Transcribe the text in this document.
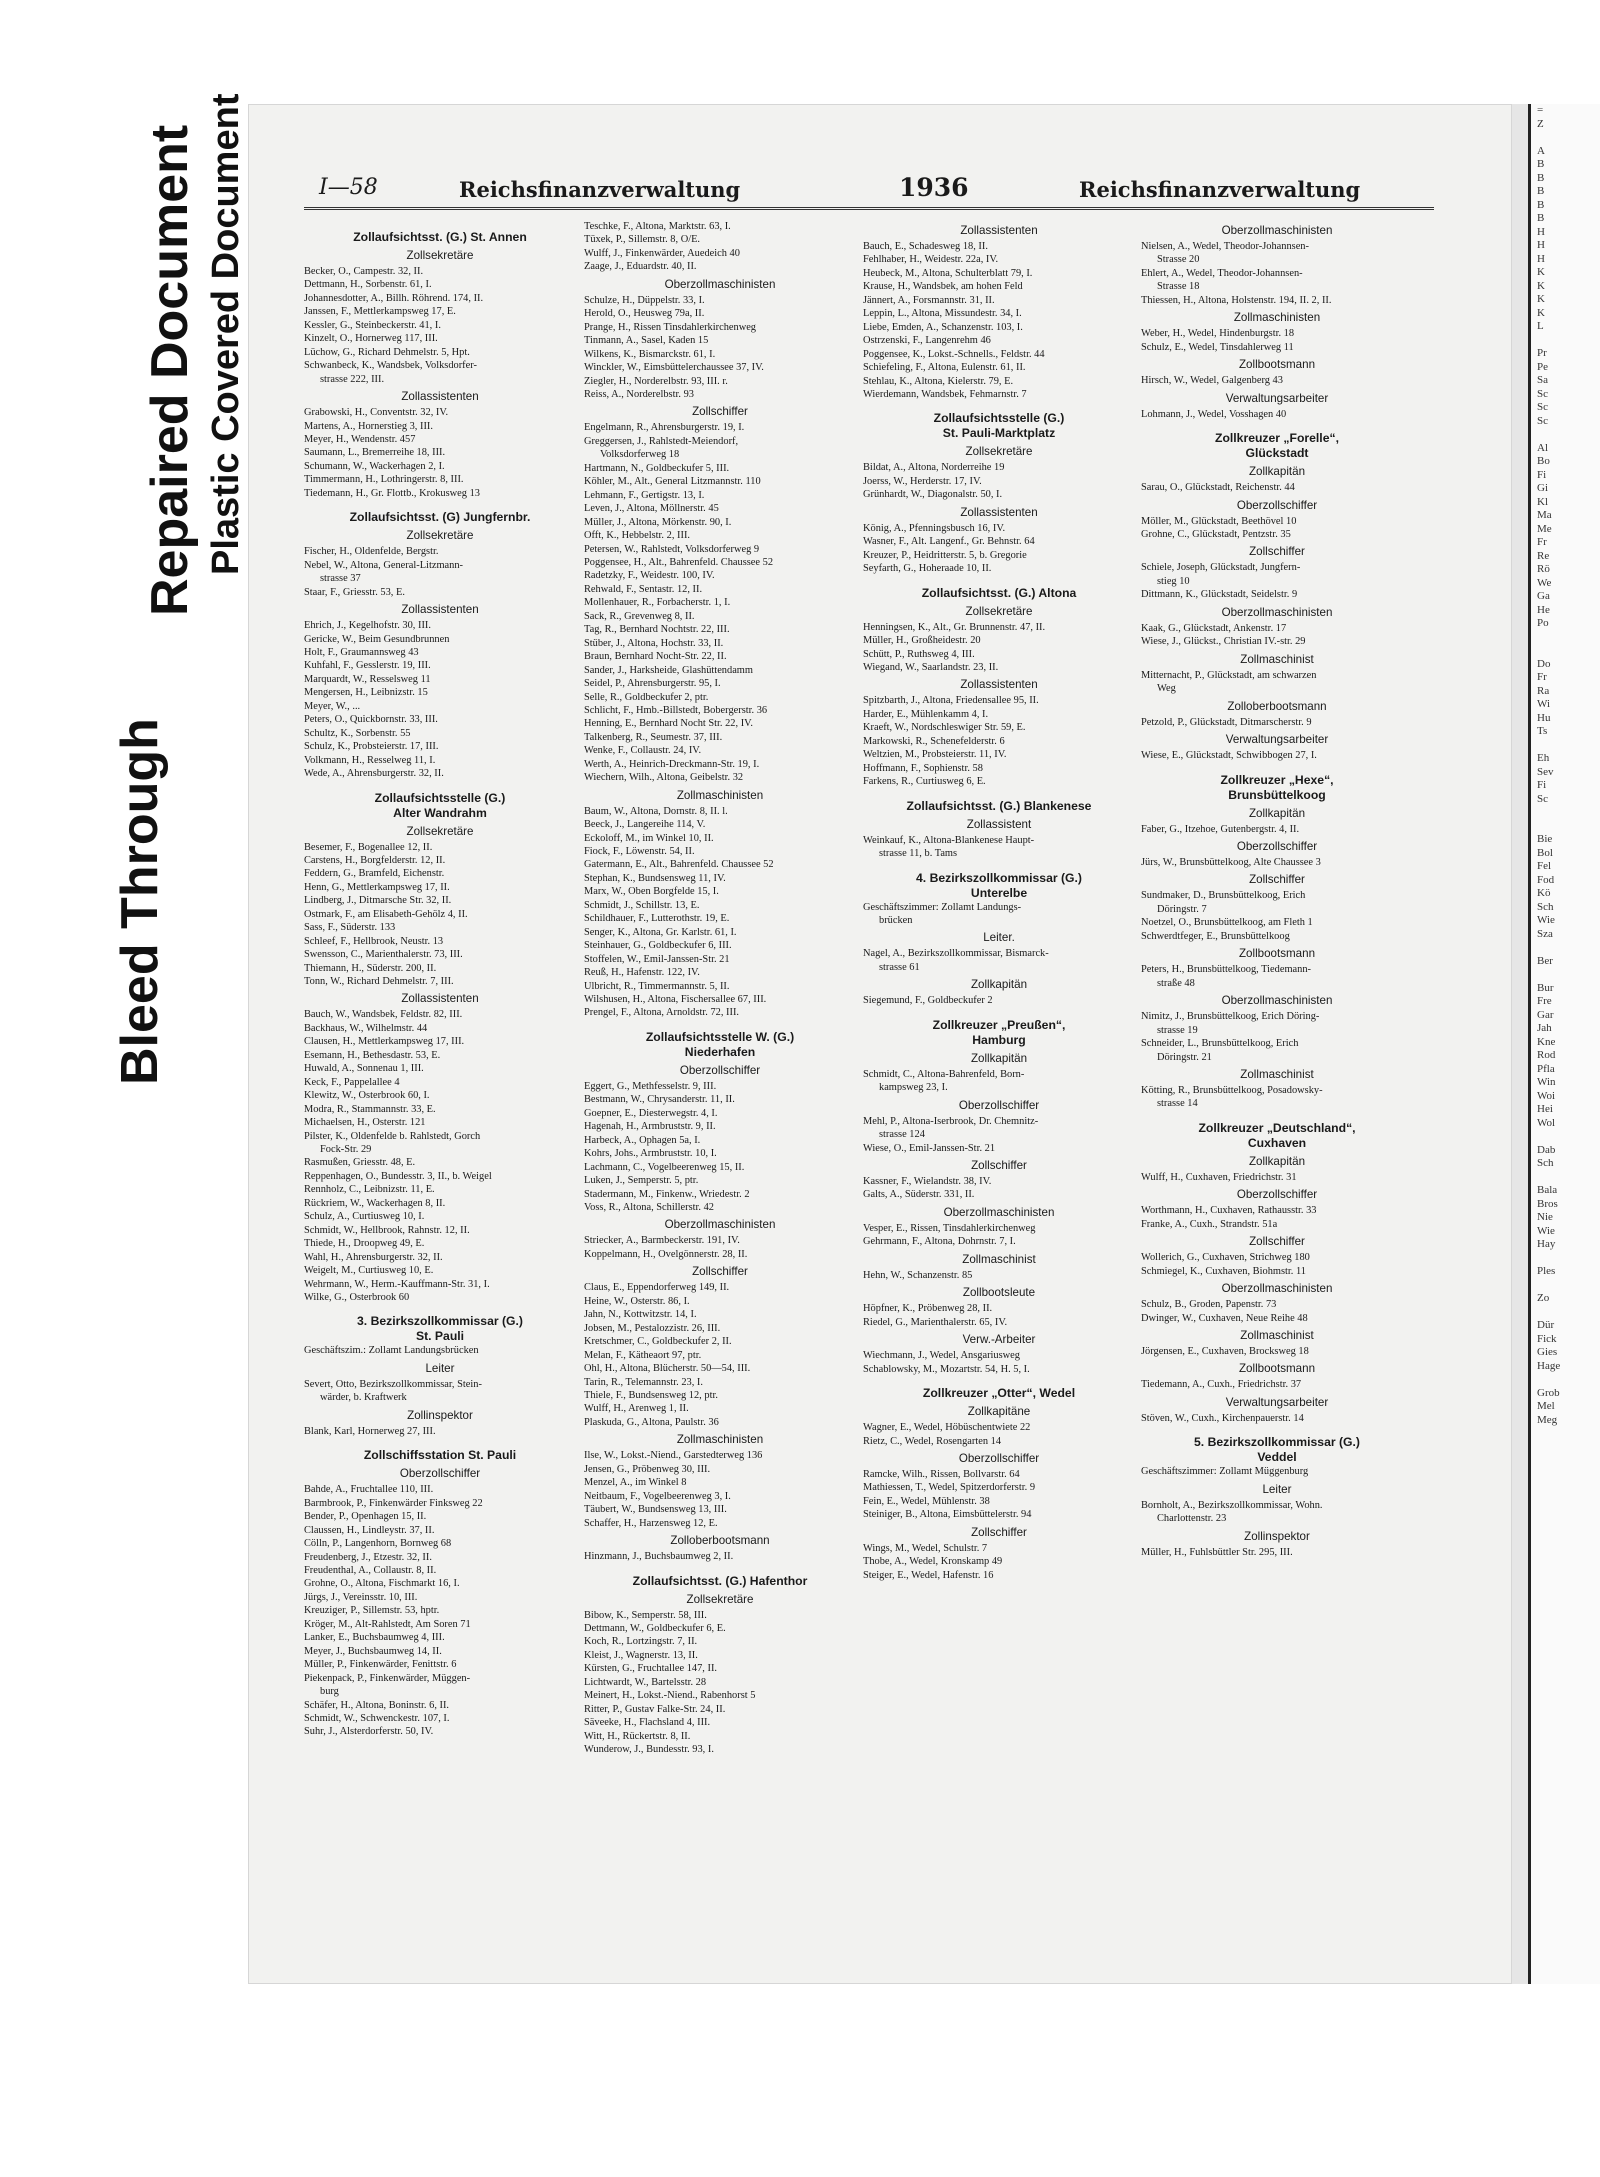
Bleed Through
Repaired Document Plastic Covered Document	I—58	Reichsfinanzverwaltung	1936	Reichsfinanzverwaltung
Zollaufsichtsst. (G.) St. Annen
Zollsekretäre
Becker, O., Campestr. 32, II.
Dettmann, H., Sorbenstr. 61, I.
Johannesdotter, A., Billh. Röhrend. 174, II.
Janssen, F., Mettlerkampsweg 17, E.
Kessler, G., Steinbeckerstr. 41, I.
Kinzelt, O., Hornerweg 117, III.
Lüchow, G., Richard Dehmelstr. 5, Hpt.
Schwanbeck, K., Wandsbek, Volksdorfer-
strasse 222, III.
Zollassistenten
Grabowski, H., Conventstr. 32, IV.
Martens, A., Hornerstieg 3, III.
Meyer, H., Wendenstr. 457
Saumann, L., Bremerreihe 18, III.
Schumann, W., Wackerhagen 2, I.
Timmermann, H., Lothringerstr. 8, III.
Tiedemann, H., Gr. Flottb., Krokusweg 13
Zollaufsichtsst. (G) Jungfernbr.
Zollsekretäre
Fischer, H., Oldenfelde, Bergstr.
Nebel, W., Altona, General-Litzmann-
strasse 37
Staar, F., Griesstr. 53, E.
Zollassistenten
Ehrich, J., Kegelhofstr. 30, III.
Gericke, W., Beim Gesundbrunnen
Holt, F., Graumannsweg 43
Kuhfahl, F., Gesslerstr. 19, III.
Marquardt, W., Resselsweg 11
Mengersen, H., Leibnizstr. 15
Meyer, W., ...
Peters, O., Quickbornstr. 33, III.
Schultz, K., Sorbenstr. 55
Schulz, K., Probsteierstr. 17, III.
Volkmann, H., Resselweg 11, I.
Wede, A., Ahrensburgerstr. 32, II.
Zollaufsichtsstelle (G.)
Alter Wandrahm
Zollsekretäre
Besemer, F., Bogenallee 12, II.
Carstens, H., Borgfelderstr. 12, II.
Feddern, G., Bramfeld, Eichenstr.
Henn, G., Mettlerkampsweg 17, II.
Lindberg, J., Ditmarsche Str. 32, II.
Ostmark, F., am Elisabeth-Gehölz 4, II.
Sass, F., Süderstr. 133
Schleef, F., Hellbrook, Neustr. 13
Swensson, C., Marienthalerstr. 73, III.
Thiemann, H., Süderstr. 200, II.
Tonn, W., Richard Dehmelstr. 7, III.
Zollassistenten
Bauch, W., Wandsbek, Feldstr. 82, III.
Backhaus, W., Wilhelmstr. 44
Clausen, H., Mettlerkampsweg 17, III.
Esemann, H., Bethesdastr. 53, E.
Huwald, A., Sonnenau 1, III.
Keck, F., Pappelallee 4
Klewitz, W., Osterbrook 60, I.
Modra, R., Stammannstr. 33, E.
Michaelsen, H., Osterstr. 121
Pilster, K., Oldenfelde b. Rahlstedt, Gorch
Fock-Str. 29
Rasmußen, Griesstr. 48, E.
Reppenhagen, O., Bundesstr. 3, II., b. Weigel
Rennholz, C., Leibnizstr. 11, E.
Rückriem, W., Wackerhagen 8, II.
Schulz, A., Curtiusweg 10, I.
Schmidt, W., Hellbrook, Rahnstr. 12, II.
Thiede, H., Droopweg 49, E.
Wahl, H., Ahrensburgerstr. 32, II.
Weigelt, M., Curtiusweg 10, E.
Wehrmann, W., Herm.-Kauffmann-Str. 31, I.
Wilke, G., Osterbrook 60
3. Bezirkszollkommissar (G.)
St. Pauli
Geschäftszim.: Zollamt Landungsbrücken
Leiter
Severt, Otto, Bezirkszollkommissar, Stein-
wärder, b. Kraftwerk
Zollinspektor
Blank, Karl, Hornerweg 27, III.
Zollschiffsstation St. Pauli
Oberzollschiffer
Bahde, A., Fruchtallee 110, III.
Barmbrook, P., Finkenwärder Finksweg 22
Bender, P., Openhagen 15, II.
Claussen, H., Lindleystr. 37, II.
Cölln, P., Langenhorn, Bornweg 68
Freudenberg, J., Etzestr. 32, II.
Freudenthal, A., Collaustr. 8, II.
Grohne, O., Altona, Fischmarkt 16, I.
Jürgs, J., Vereinsstr. 10, III.
Kreuziger, P., Sillemstr. 53, hptr.
Kröger, M., Alt-Rahlstedt, Am Soren 71
Lanker, E., Buchsbaumweg 4, III.
Meyer, J., Buchsbaumweg 14, II.
Müller, P., Finkenwärder, Fenittstr. 6
Piekenpack, P., Finkenwärder, Müggen-
burg
Schäfer, H., Altona, Boninstr. 6, II.
Schmidt, W., Schwenckestr. 107, I.
Suhr, J., Alsterdorferstr. 50, IV.
Teschke, F., Altona, Marktstr. 63, I.
Tüxek, P., Sillemstr. 8, O/E.
Wulff, J., Finkenwärder, Auedeich 40
Zaage, J., Eduardstr. 40, II.
Oberzollmaschinisten
Schulze, H., Düppelstr. 33, I.
Herold, O., Heusweg 79a, II.
Prange, H., Rissen Tinsdahlerkirchenweg
Tinmann, A., Sasel, Kaden 15
Wilkens, K., Bismarckstr. 61, I.
Winckler, W., Eimsbüttelerchaussee 37, IV.
Ziegler, H., Norderelbstr. 93, III. r.
Reiss, A., Norderelbstr. 93
Zollschiffer
Engelmann, R., Ahrensburgerstr. 19, I.
Greggersen, J., Rahlstedt-Meiendorf,
Volksdorferweg 18
Hartmann, N., Goldbeckufer 5, III.
Köhler, M., Alt., General Litzmannstr. 110
Lehmann, F., Gertigstr. 13, I.
Leven, J., Altona, Möllnerstr. 45
Müller, J., Altona, Mörkenstr. 90, I.
Offt, K., Hebbelstr. 2, III.
Petersen, W., Rahlstedt, Volksdorferweg 9
Poggensee, H., Alt., Bahrenfeld. Chaussee 52
Radetzky, F., Weidestr. 100, IV.
Rehwald, F., Sentastr. 12, II.
Mollenhauer, R., Forbacherstr. 1, I.
Sack, R., Grevenweg 8, II.
Tag, R., Bernhard Nochtstr. 22, III.
Stüber, J., Altona, Hochstr. 33, II.
Braun, Bernhard Nocht-Str. 22, II.
Sander, J., Harksheide, Glashüttendamm
Seidel, P., Ahrensburgerstr. 95, I.
Selle, R., Goldbeckufer 2, ptr.
Schlicht, F., Hmb.-Billstedt, Bobergerstr. 36
Henning, E., Bernhard Nocht Str. 22, IV.
Talkenberg, R., Seumestr. 37, III.
Wenke, F., Collaustr. 24, IV.
Werth, A., Heinrich-Dreckmann-Str. 19, I.
Wiechern, Wilh., Altona, Geibelstr. 32
Zollmaschinisten
Baum, W., Altona, Dornstr. 8, II. l.
Beeck, J., Langereihe 114, V.
Eckoloff, M., im Winkel 10, II.
Fiock, F., Löwenstr. 54, II.
Gatermann, E., Alt., Bahrenfeld. Chaussee 52
Stephan, K., Bundsensweg 11, IV.
Marx, W., Oben Borgfelde 15, I.
Schmidt, J., Schillstr. 13, E.
Schildhauer, F., Lutterothstr. 19, E.
Senger, K., Altona, Gr. Karlstr. 61, I.
Steinhauer, G., Goldbeckufer 6, III.
Stoffelen, W., Emil-Janssen-Str. 21
Reuß, H., Hafenstr. 122, IV.
Ulbricht, R., Timmermannstr. 5, II.
Wilshusen, H., Altona, Fischersallee 67, III.
Prengel, F., Altona, Arnoldstr. 72, III.
Zollaufsichtsstelle W. (G.)
Niederhafen
Oberzollschiffer
Eggert, G., Methfesselstr. 9, III.
Bestmann, W., Chrysanderstr. 11, II.
Goepner, E., Diesterwegstr. 4, I.
Hagenah, H., Armbruststr. 9, II.
Harbeck, A., Ophagen 5a, I.
Kohrs, Johs., Armbruststr. 10, I.
Lachmann, C., Vogelbeerenweg 15, II.
Luken, J., Semperstr. 5, ptr.
Stadermann, M., Finkenw., Wriedestr. 2
Voss, R., Altona, Schillerstr. 42
Oberzollmaschinisten
Striecker, A., Barmbeckerstr. 191, IV.
Koppelmann, H., Ovelgönnerstr. 28, II.
Zollschiffer
Claus, E., Eppendorferweg 149, II.
Heine, W., Osterstr. 86, I.
Jahn, N., Kottwitzstr. 14, I.
Jobsen, M., Pestalozzistr. 26, III.
Kretschmer, C., Goldbeckufer 2, II.
Melan, F., Kätheaort 97, ptr.
Ohl, H., Altona, Blücherstr. 50—54, III.
Tarin, R., Telemannstr. 23, I.
Thiele, F., Bundsensweg 12, ptr.
Wulff, H., Arenweg 1, II.
Plaskuda, G., Altona, Paulstr. 36
Zollmaschinisten
Ilse, W., Lokst.-Niend., Garstedterweg 136
Jensen, G., Pröbenweg 30, III.
Menzel, A., im Winkel 8
Neitbaum, F., Vogelbeerenweg 3, I.
Täubert, W., Bundsensweg 13, III.
Schaffer, H., Harzensweg 12, E.
Zolloberbootsmann
Hinzmann, J., Buchsbaumweg 2, II.
Zollaufsichtsst. (G.) Hafenthor
Zollsekretäre
Bibow, K., Semperstr. 58, III.
Dettmann, W., Goldbeckufer 6, E.
Koch, R., Lortzingstr. 7, II.
Kleist, J., Wagnerstr. 13, II.
Kürsten, G., Fruchtallee 147, II.
Lichtwardt, W., Bartelsstr. 28
Meinert, H., Lokst.-Niend., Rabenhorst 5
Ritter, P., Gustav Falke-Str. 24, II.
Säveeke, H., Flachsland 4, III.
Witt, H., Rückertstr. 8, II.
Wunderow, J., Bundesstr. 93, I.
Zollassistenten
Bauch, E., Schadesweg 18, II.
Fehlhaber, H., Weidestr. 22a, IV.
Heubeck, M., Altona, Schulterblatt 79, I.
Krause, H., Wandsbek, am hohen Feld
Jännert, A., Forsmannstr. 31, II.
Leppin, L., Altona, Missundestr. 34, I.
Liebe, Emden, A., Schanzenstr. 103, I.
Ostrzenski, F., Langenrehm 46
Poggensee, K., Lokst.-Schnells., Feldstr. 44
Schiefeling, F., Altona, Eulenstr. 61, II.
Stehlau, K., Altona, Kielerstr. 79, E.
Wierdemann, Wandsbek, Fehmarnstr. 7
Zollaufsichtsstelle (G.)
St. Pauli-Marktplatz
Zollsekretäre
Bildat, A., Altona, Norderreihe 19
Joerss, W., Herderstr. 17, IV.
Grünhardt, W., Diagonalstr. 50, I.
Zollassistenten
König, A., Pfenningsbusch 16, IV.
Wasner, F., Alt. Langenf., Gr. Behnstr. 64
Kreuzer, P., Heidritterstr. 5, b. Gregorie
Seyfarth, G., Hoheraade 10, II.
Zollaufsichtsst. (G.) Altona
Zollsekretäre
Henningsen, K., Alt., Gr. Brunnenstr. 47, II.
Müller, H., Großheidestr. 20
Schütt, P., Ruthsweg 4, III.
Wiegand, W., Saarlandstr. 23, II.
Zollassistenten
Spitzbarth, J., Altona, Friedensallee 95, II.
Harder, E., Mühlenkamm 4, I.
Kraeft, W., Nordschleswiger Str. 59, E.
Markowski, R., Schenefelderstr. 6
Weltzien, M., Probsteierstr. 11, IV.
Hoffmann, F., Sophienstr. 58
Farkens, R., Curtiusweg 6, E.
Zollaufsichtsst. (G.) Blankenese
Zollassistent
Weinkauf, K., Altona-Blankenese Haupt-
strasse 11, b. Tams
4. Bezirkszollkommissar (G.)
Unterelbe
Geschäftszimmer: Zollamt Landungs-
brücken
Leiter.
Nagel, A., Bezirkszollkommissar, Bismarck-
strasse 61
Zollkapitän
Siegemund, F., Goldbeckufer 2
Zollkreuzer „Preußen“,
Hamburg
Zollkapitän
Schmidt, C., Altona-Bahrenfeld, Born-
kampsweg 23, I.
Oberzollschiffer
Mehl, P., Altona-Iserbrook, Dr. Chemnitz-
strasse 124
Wiese, O., Emil-Janssen-Str. 21
Zollschiffer
Kassner, F., Wielandstr. 38, IV.
Galts, A., Süderstr. 331, II.
Oberzollmaschinisten
Vesper, E., Rissen, Tinsdahlerkirchenweg
Gehrmann, F., Altona, Dohrnstr. 7, I.
Zollmaschinist
Hehn, W., Schanzenstr. 85
Zollbootsleute
Höpfner, K., Pröbenweg 28, II.
Riedel, G., Marienthalerstr. 65, IV.
Verw.-Arbeiter
Wiechmann, J., Wedel, Ansgariusweg
Schablowsky, M., Mozartstr. 54, H. 5, I.
Zollkreuzer „Otter“, Wedel
Zollkapitäne
Wagner, E., Wedel, Höbüschentwiete 22
Rietz, C., Wedel, Rosengarten 14
Oberzollschiffer
Ramcke, Wilh., Rissen, Bollvarstr. 64
Mathiessen, T., Wedel, Spitzerdorferstr. 9
Fein, E., Wedel, Mühlenstr. 38
Steiniger, B., Altona, Eimsbüttelerstr. 94
Zollschiffer
Wings, M., Wedel, Schulstr. 7
Thobe, A., Wedel, Kronskamp 49
Steiger, E., Wedel, Hafenstr. 16
Oberzollmaschinisten
Nielsen, A., Wedel, Theodor-Johannsen-
Strasse 20
Ehlert, A., Wedel, Theodor-Johannsen-
Strasse 18
Thiessen, H., Altona, Holstenstr. 194, II. 2, II.
Zollmaschinisten
Weber, H., Wedel, Hindenburgstr. 18
Schulz, E., Wedel, Tinsdahlerweg 11
Zollbootsmann
Hirsch, W., Wedel, Galgenberg 43
Verwaltungsarbeiter
Lohmann, J., Wedel, Vosshagen 40
Zollkreuzer „Forelle“,
Glückstadt
Zollkapitän
Sarau, O., Glückstadt, Reichenstr. 44
Oberzollschiffer
Möller, M., Glückstadt, Beethövel 10
Grohne, C., Glückstadt, Pentzstr. 35
Zollschiffer
Schiele, Joseph, Glückstadt, Jungfern-
stieg 10
Dittmann, K., Glückstadt, Seidelstr. 9
Oberzollmaschinisten
Kaak, G., Glückstadt, Ankenstr. 17
Wiese, J., Glückst., Christian IV.-str. 29
Zollmaschinist
Mitternacht, P., Glückstadt, am schwarzen
Weg
Zolloberbootsmann
Petzold, P., Glückstadt, Ditmarscherstr. 9
Verwaltungsarbeiter
Wiese, E., Glückstadt, Schwibbogen 27, I.
Zollkreuzer „Hexe“,
Brunsbüttelkoog
Zollkapitän
Faber, G., Itzehoe, Gutenbergstr. 4, II.
Oberzollschiffer
Jürs, W., Brunsbüttelkoog, Alte Chaussee 3
Zollschiffer
Sundmaker, D., Brunsbüttelkoog, Erich
Döringstr. 7
Noetzel, O., Brunsbüttelkoog, am Fleth 1
Schwerdtfeger, E., Brunsbüttelkoog
Zollbootsmann
Peters, H., Brunsbüttelkoog, Tiedemann-
straße 48
Oberzollmaschinisten
Nimitz, J., Brunsbüttelkoog, Erich Döring-
strasse 19
Schneider, L., Brunsbüttelkoog, Erich
Döringstr. 21
Zollmaschinist
Kötting, R., Brunsbüttelkoog, Posadowsky-
strasse 14
Zollkreuzer „Deutschland“,
Cuxhaven
Zollkapitän
Wulff, H., Cuxhaven, Friedrichstr. 31
Oberzollschiffer
Worthmann, H., Cuxhaven, Rathausstr. 33
Franke, A., Cuxh., Strandstr. 51a
Zollschiffer
Wollerich, G., Cuxhaven, Strichweg 180
Schmiegel, K., Cuxhaven, Biohmstr. 11
Oberzollmaschinisten
Schulz, B., Groden, Papenstr. 73
Dwinger, W., Cuxhaven, Neue Reihe 48
Zollmaschinist
Jörgensen, E., Cuxhaven, Brocksweg 18
Zollbootsmann
Tiedemann, A., Cuxh., Friedrichstr. 37
Verwaltungsarbeiter
Stöven, W., Cuxh., Kirchenpauerstr. 14
5. Bezirkszollkommissar (G.)
Veddel
Geschäftszimmer: Zollamt Müggenburg
Leiter
Bornholt, A., Bezirkszollkommissar, Wohn.
Charlottenstr. 23
Zollinspektor
Müller, H., Fuhlsbüttler Str. 295, III.
=
Z

A
B
B
B
B
B
H
H
H
K
K
K
K
L

Pr
Pe
Sa
Sc
Sc
Sc

Al
Bo
Fi
Gi
Kl
Ma
Me
Fr
Re
Rö
We
Ga
He
Po

Do
Fr
Ra
Wi
Hu
Ts

Eh
Sev
Fi
Sc

Bie
Bol
Fel
Fod
Kö
Sch
Wie
Sza

Ber

Bur
Fre
Gar
Jah
Kne
Rod
Pfla
Win
Woi
Hei
Wol

Dab
Sch

Bala
Bros
Nie
Wie
Hay

Ples

Zo

Dür
Fick
Gies
Hage

Grob
Mel
Meg
